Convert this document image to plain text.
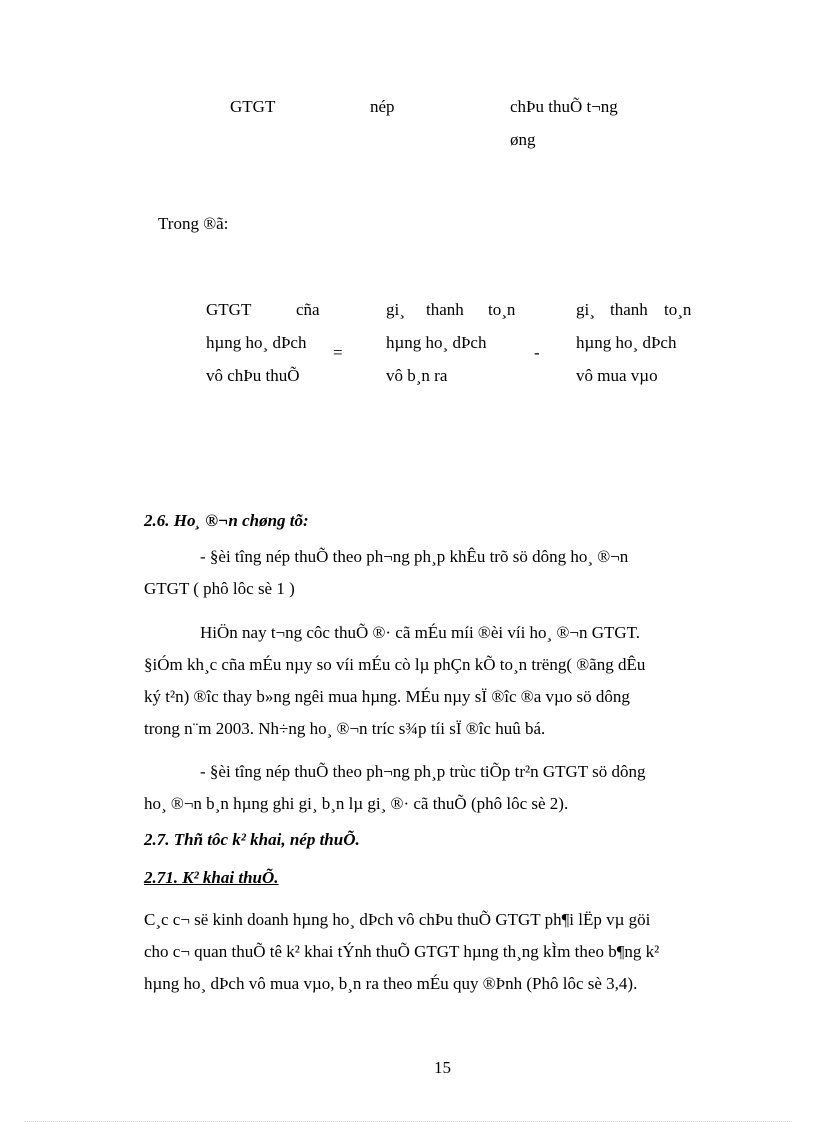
GTGT	nép	chÞu thuÕ t¬ng
øng
Trong ®ã:
GTGT	cña
hµng ho¸ dÞch
vô chÞu thuÕ
=
gi¸ thanh to¸n
hµng ho¸ dÞch
vô b¸n ra
-
gi¸ thanh to¸n
hµng ho¸ dÞch
vô mua vµo
2.6. Ho¸ ®¬n chøng tõ:
- §èi tîng nép thuÕ theo ph¬ng ph¸p khÊu trõ sö dông ho¸ ®¬n
GTGT ( phô lôc sè 1 )
HiÖn nay t¬ng côc thuÕ ®· cã mÉu míi ®èi víi ho¸ ®¬n GTGT.
§iÓm kh¸c cña mÉu nµy so víi mÉu cò lµ phÇn kÕ to¸n trëng( ®ãng dÊu
ký t²n) ®îc thay b»ng ngêi mua hµng. MÉu nµy sÏ ®îc ®a vµo sö dông
trong n¨m 2003. Nh÷ng ho¸ ®¬n tríc s¾p tíi sÏ ®îc huû bá.
- §èi tîng nép thuÕ theo ph¬ng ph¸p trùc tiÕp tr²n GTGT sö dông
ho¸ ®¬n b¸n hµng ghi gi¸ b¸n lµ gi¸ ®· cã thuÕ (phô lôc sè 2).
2.7. Thñ tôc k² khai, nép thuÕ.
2.71. K² khai thuÕ.
C¸c c¬ së kinh doanh hµng ho¸ dÞch vô chÞu thuÕ GTGT ph¶i lËp vµ göi
cho c¬ quan thuÕ tê k² khai tÝnh thuÕ GTGT hµng th¸ng kÌm theo b¶ng k²
hµng ho¸ dÞch vô mua vµo, b¸n ra theo mÉu quy ®Þnh (Phô lôc sè 3,4).
15
